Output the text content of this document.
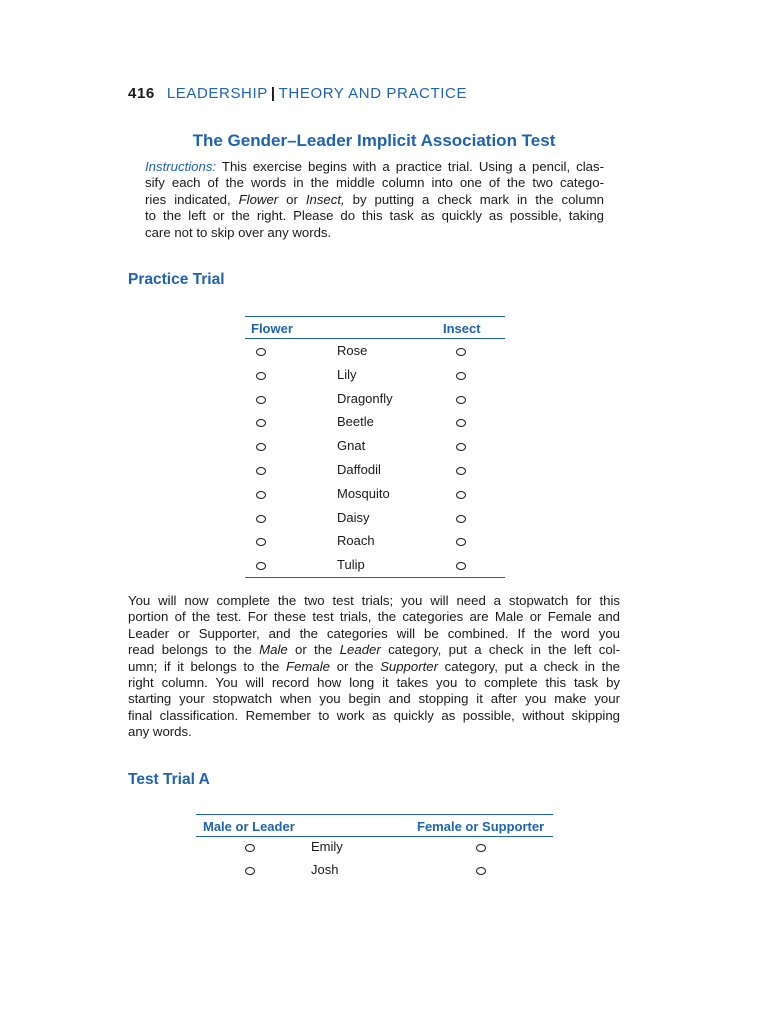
416 LEADERSHIP | THEORY AND PRACTICE
The Gender–Leader Implicit Association Test
Instructions: This exercise begins with a practice trial. Using a pencil, clas-
sify each of the words in the middle column into one of the two catego-
ries indicated, Flower or Insect, by putting a check mark in the column
to the left or the right. Please do this task as quickly as possible, taking
care not to skip over any words.
Practice Trial
Flower	Insect
Rose
Lily
Dragonfly
Beetle
Gnat
Daffodil
Mosquito
Daisy
Roach
Tulip
You will now complete the two test trials; you will need a stopwatch for this
portion of the test. For these test trials, the categories are Male or Female and
Leader or Supporter, and the categories will be combined. If the word you
read belongs to the Male or the Leader category, put a check in the left col-
umn; if it belongs to the Female or the Supporter category, put a check in the
right column. You will record how long it takes you to complete this task by
starting your stopwatch when you begin and stopping it after you make your
final classification. Remember to work as quickly as possible, without skipping
any words.
Test Trial A
Male or Leader	Female or Supporter
Emily
Josh
